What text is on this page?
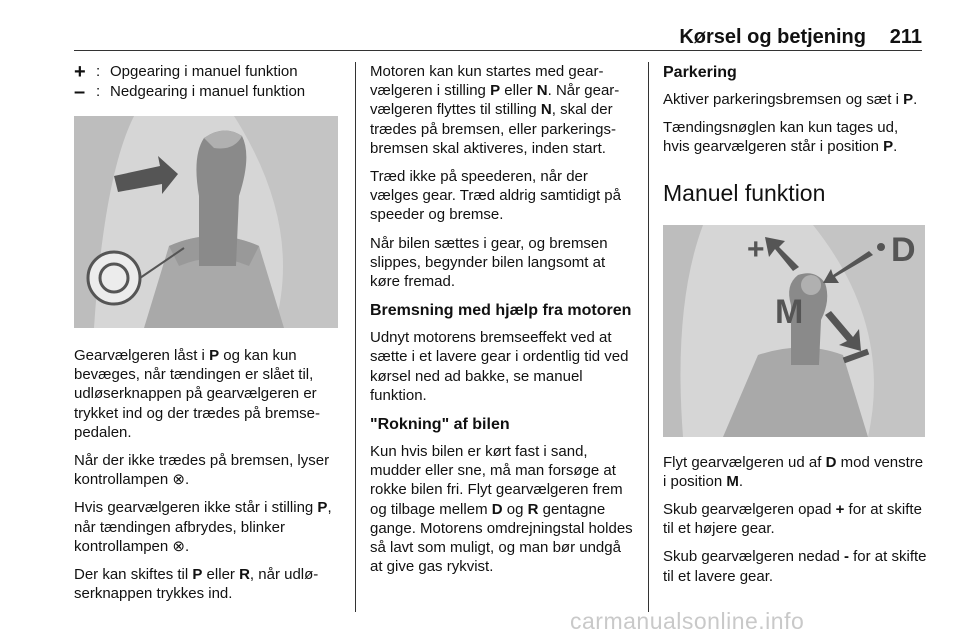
Kørsel og betjening 211
+ : Opgearing i manuel funktion
– : Nedgearing i manuel funktion

Gearvælgeren låst i P og kan kun bevæges, når tændingen er slået til, udløserknappen på gearvælgeren er trykket ind og der trædes på bremse-pedalen.

Når der ikke trædes på bremsen, lyser kontrollampen ⊗.

Hvis gearvælgeren ikke står i stilling P, når tændingen afbrydes, blinker kontrollampen ⊗.

Der kan skiftes til P eller R, når udlø-serknappen trykkes ind.

Motoren kan kun startes med gear-vælgeren i stilling P eller N. Når gear-vælgeren flyttes til stilling N, skal der trædes på bremsen, eller parkerings-bremsen skal aktiveres, inden start.

Træd ikke på speederen, når der vælges gear. Træd aldrig samtidigt på speeder og bremse.

Når bilen sættes i gear, og bremsen slippes, begynder bilen langsomt at køre fremad.

Bremsning med hjælp fra motoren

Udnyt motorens bremseeffekt ved at sætte i et lavere gear i ordentlig tid ved kørsel ned ad bakke, se manuel funktion.

"Rokning" af bilen

Kun hvis bilen er kørt fast i sand, mudder eller sne, må man forsøge at rokke bilen fri. Flyt gearvælgeren frem og tilbage mellem D og R gentagne gange. Motorens omdrejningstal holdes så lavt som muligt, og man bør undgå at give gas rykvist.

Parkering

Aktiver parkeringsbremsen og sæt i P.

Tændingsnøglen kan kun tages ud, hvis gearvælgeren står i position P.

Manuel funktion
M
D
+

Flyt gearvælgeren ud af D mod venstre i position M.

Skub gearvælgeren opad + for at skifte til et højere gear.

Skub gearvælgeren nedad - for at skifte til et lavere gear.

carmanualsonline.info
